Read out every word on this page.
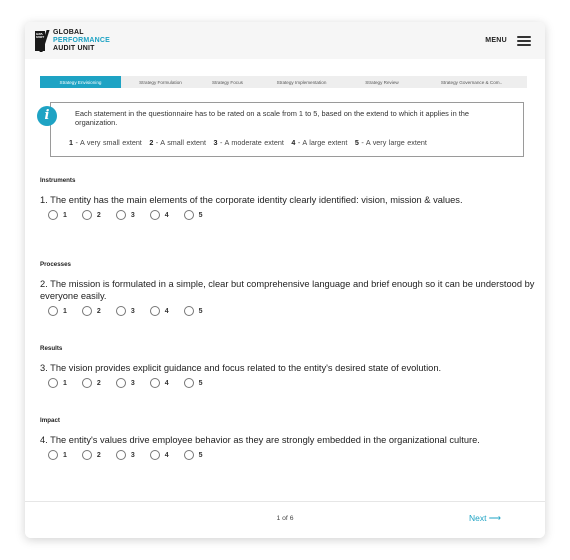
GPA UNIT
GLOBAL
PERFORMANCE
AUDIT UNIT
MENU
Strategy Envisioning	Strategy Formulation	Strategy Focus	Strategy Implementation	Strategy Review	Strategy Governance & Com..
i	Each statement in the questionnaire has to be rated on a scale from 1 to 5, based on the extend to which it applies in the organization.
1 - A very small extent 2 - A small extent 3 - A moderate extent 4 - A large extent 5 - A very large extent
Instruments
1. The entity has the main elements of the corporate identity clearly identified: vision, mission & values.
1	2	3	4	5
Processes
2. The mission is formulated in a simple, clear but comprehensive language and brief enough so it can be understood by everyone easily.
1	2	3	4	5
Results
3. The vision provides explicit guidance and focus related to the entity's desired state of evolution.
1	2	3	4	5
Impact
4. The entity's values drive employee behavior as they are strongly embedded in the organizational culture.
1	2	3	4	5
1 of 6	Next ⟶
